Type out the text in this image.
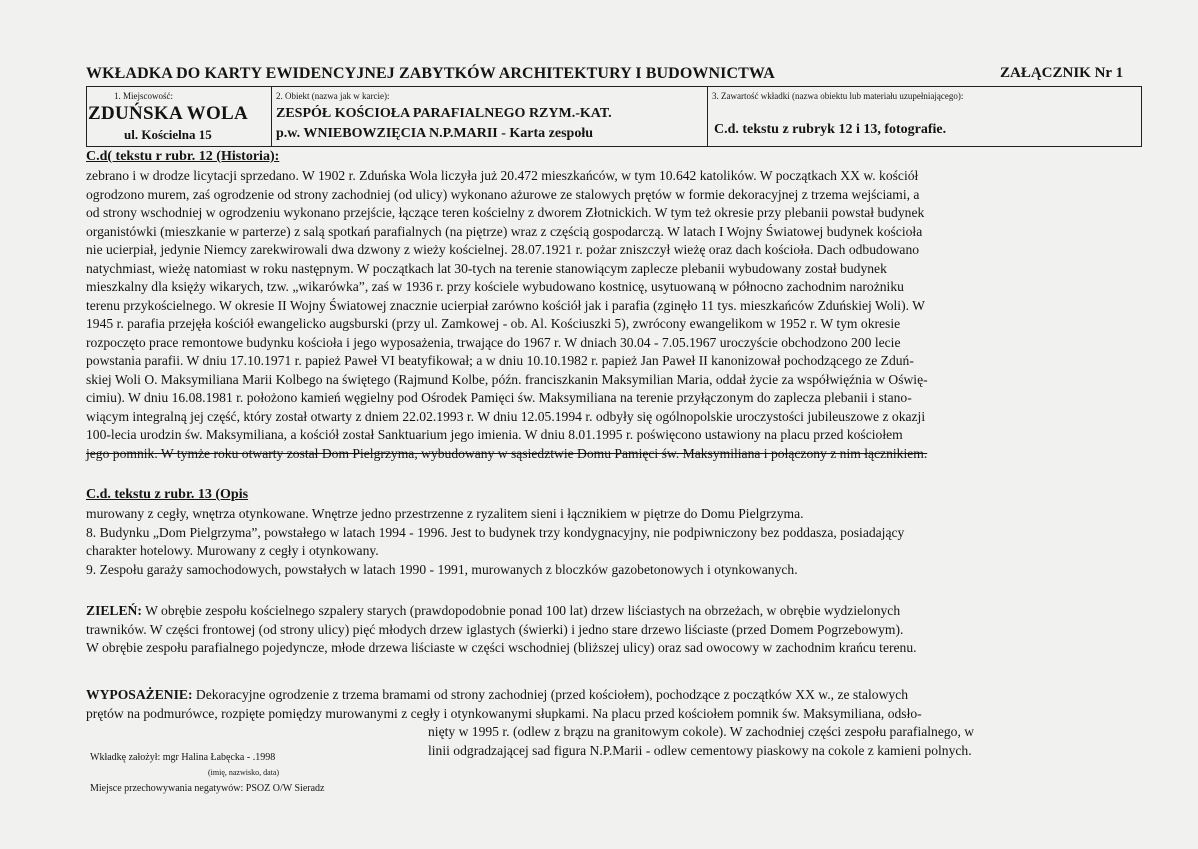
WKŁADKA DO KARTY EWIDENCYJNEJ ZABYTKÓW ARCHITEKTURY I BUDOWNICTWA	ZAŁĄCZNIK Nr 1
1. Miejscowość:
ZDUŃSKA WOLA
ul. Kościelna 15
2. Obiekt (nazwa jak w karcie):
ZESPÓŁ KOŚCIOŁA PARAFIALNEGO RZYM.-KAT.
p.w. WNIEBOWZIĘCIA N.P.MARII - Karta zespołu
3. Zawartość wkładki (nazwa obiektu lub materiału uzupełniającego):
C.d. tekstu z rubryk 12 i 13, fotografie.
C.d( tekstu r rubr. 12 (Historia):
zebrano i w drodze licytacji sprzedano. W 1902 r. Zduńska Wola liczyła już 20.472 mieszkańców, w tym 10.642 katolików. W początkach XX w. kościół
ogrodzono murem, zaś ogrodzenie od strony zachodniej (od ulicy) wykonano ażurowe ze stalowych prętów w formie dekoracyjnej z trzema wejściami, a
od strony wschodniej w ogrodzeniu wykonano przejście, łączące teren kościelny z dworem Złotnickich. W tym też okresie przy plebanii powstał budynek
organistówki (mieszkanie w parterze) z salą spotkań parafialnych (na piętrze) wraz z częścią gospodarczą. W latach I Wojny Światowej budynek kościoła
nie ucierpiał, jedynie Niemcy zarekwirowali dwa dzwony z wieży kościelnej. 28.07.1921 r. pożar zniszczył wieżę oraz dach kościoła. Dach odbudowano
natychmiast, wieżę natomiast w roku następnym. W początkach lat 30-tych na terenie stanowiącym zaplecze plebanii wybudowany został budynek
mieszkalny dla księży wikarych, tzw. „wikarówka”, zaś w 1936 r. przy kościele wybudowano kostnicę, usytuowaną w północno zachodnim narożniku
terenu przykościelnego. W okresie II Wojny Światowej znacznie ucierpiał zarówno kościół jak i parafia (zginęło 11 tys. mieszkańców Zduńskiej Woli). W
1945 r. parafia przejęła kościół ewangelicko augsburski (przy ul. Zamkowej - ob. Al. Kościuszki 5), zwrócony ewangelikom w 1952 r. W tym okresie
rozpoczęto prace remontowe budynku kościoła i jego wyposażenia, trwające do 1967 r. W dniach 30.04 - 7.05.1967 uroczyście obchodzono 200 lecie
powstania parafii. W dniu 17.10.1971 r. papież Paweł VI beatyfikował; a w dniu 10.10.1982 r. papież Jan Paweł II kanonizował pochodzącego ze Zduń-
skiej Woli O. Maksymiliana Marii Kolbego na świętego (Rajmund Kolbe, późn. franciszkanin Maksymilian Maria, oddał życie za współwięźnia w Oświę-
cimiu). W dniu 16.08.1981 r. położono kamień węgielny pod Ośrodek Pamięci św. Maksymiliana na terenie przyłączonym do zaplecza plebanii i stano-
wiącym integralną jej część, który został otwarty z dniem 22.02.1993 r. W dniu 12.05.1994 r. odbyły się ogólnopolskie uroczystości jubileuszowe z okazji
100-lecia urodzin św. Maksymiliana, a kościół został Sanktuarium jego imienia. W dniu 8.01.1995 r. poświęcono ustawiony na placu przed kościołem
jego pomnik. W tymże roku otwarty został Dom Pielgrzyma, wybudowany w sąsiedztwie Domu Pamięci św. Maksymiliana i połączony z nim łącznikiem.
C.d. tekstu z rubr. 13 (Opis
murowany z cegły, wnętrza otynkowane. Wnętrze jedno przestrzenne z ryzalitem sieni i łącznikiem w piętrze do Domu Pielgrzyma.
8. Budynku „Dom Pielgrzyma”, powstałego w latach 1994 - 1996. Jest to budynek trzy kondygnacyjny, nie podpiwniczony bez poddasza, posiadający
charakter hotelowy. Murowany z cegły i otynkowany.
9. Zespołu garaży samochodowych, powstałych w latach 1990 - 1991, murowanych z bloczków gazobetonowych i otynkowanych.
ZIELEŃ: W obrębie zespołu kościelnego szpalery starych (prawdopodobnie ponad 100 lat) drzew liściastych na obrzeżach, w obrębie wydzielonych
trawników. W części frontowej (od strony ulicy) pięć młodych drzew iglastych (świerki) i jedno stare drzewo liściaste (przed Domem Pogrzebowym).
W obrębie zespołu parafialnego pojedyncze, młode drzewa liściaste w części wschodniej (bliższej ulicy) oraz sad owocowy w zachodnim krańcu terenu.
WYPOSAŻENIE: Dekoracyjne ogrodzenie z trzema bramami od strony zachodniej (przed kościołem), pochodzące z początków XX w., ze stalowych
prętów na podmurówce, rozpięte pomiędzy murowanymi z cegły i otynkowanymi słupkami. Na placu przed kościołem pomnik św. Maksymiliana, odsło-
nięty w 1995 r. (odlew z brązu na granitowym cokole). W zachodniej części zespołu parafialnego, w
linii odgradzającej sad figura N.P.Marii - odlew cementowy piaskowy na cokole z kamieni polnych.
Wkładkę założył: mgr Halina Łabęcka - .1998
(imię, nazwisko, data)
Miejsce przechowywania negatywów: PSOZ O/W Sieradz
